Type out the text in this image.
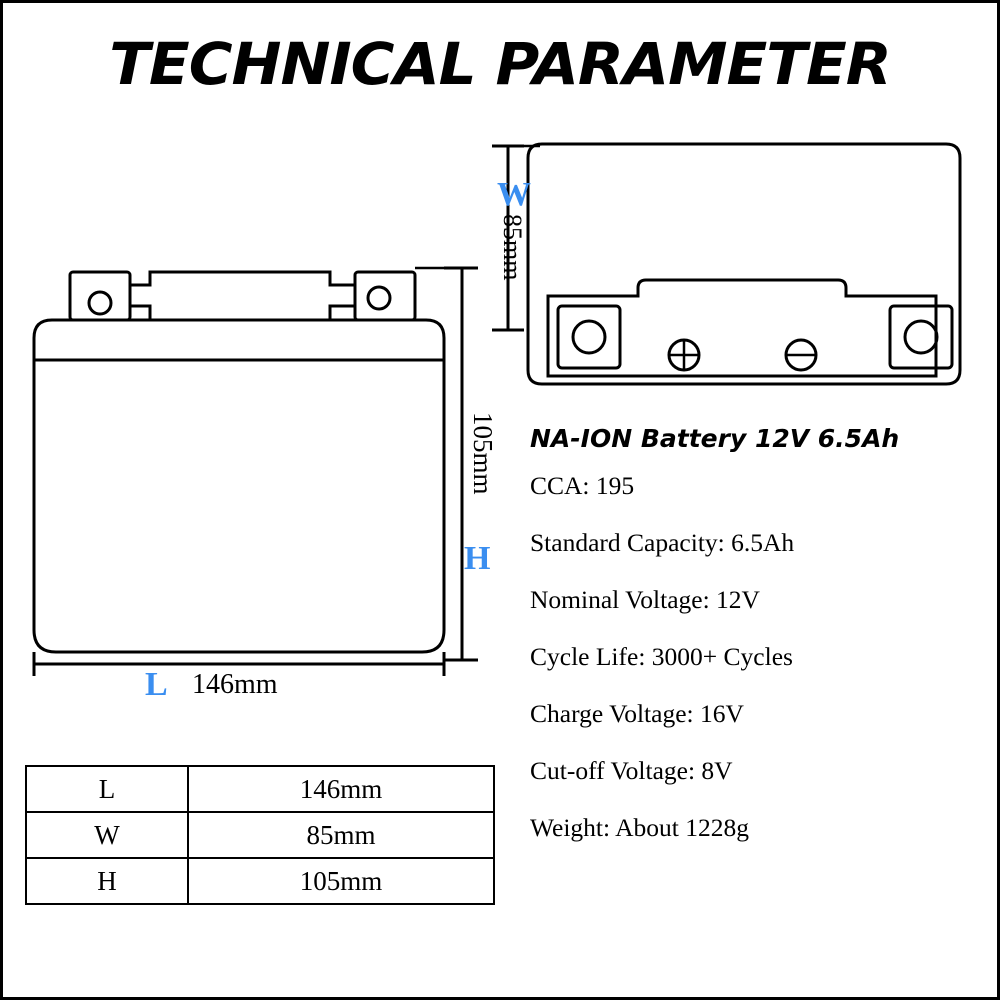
TECHNICAL PARAMETER
W
85mm
105mm
H
L 146mm
NA-ION Battery 12V 6.5Ah
CCA: 195
Standard Capacity: 6.5Ah
Nominal Voltage: 12V
Cycle Life: 3000+ Cycles
Charge Voltage: 16V
Cut-off Voltage: 8V
Weight: About 1228g
L	146mm
W	85mm
H	105mm
